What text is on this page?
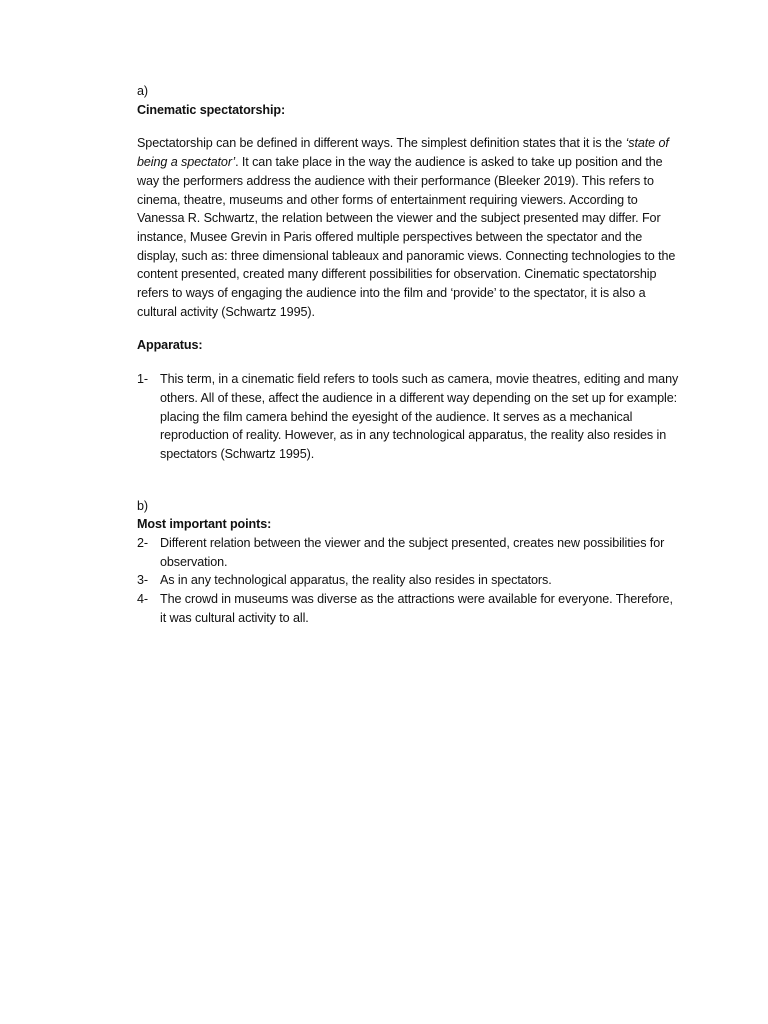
a)

Cinematic spectatorship:

Spectatorship can be defined in different ways. The simplest definition states that it is the ‘state of being a spectator’. It can take place in the way the audience is asked to take up position and the way the performers address the audience with their performance (Bleeker 2019). This refers to cinema, theatre, museums and other forms of entertainment requiring viewers. According to Vanessa R. Schwartz, the relation between the viewer and the subject presented may differ. For instance, Musee Grevin in Paris offered multiple perspectives between the spectator and the display, such as: three dimensional tableaux and panoramic views. Connecting technologies to the content presented, created many different possibilities for observation. Cinematic spectatorship refers to ways of engaging the audience into the film and ‘provide’ to the spectator, it is also a cultural activity (Schwartz 1995).

Apparatus:

1- This term, in a cinematic field refers to tools such as camera, movie theatres, editing and many others. All of these, affect the audience in a different way depending on the set up for example: placing the film camera behind the eyesight of the audience. It serves as a mechanical reproduction of reality. However, as in any technological apparatus, the reality also resides in spectators (Schwartz 1995).

b)

Most important points:

2- Different relation between the viewer and the subject presented, creates new possibilities for observation.
3- As in any technological apparatus, the reality also resides in spectators.
4- The crowd in museums was diverse as the attractions were available for everyone. Therefore, it was cultural activity to all.
